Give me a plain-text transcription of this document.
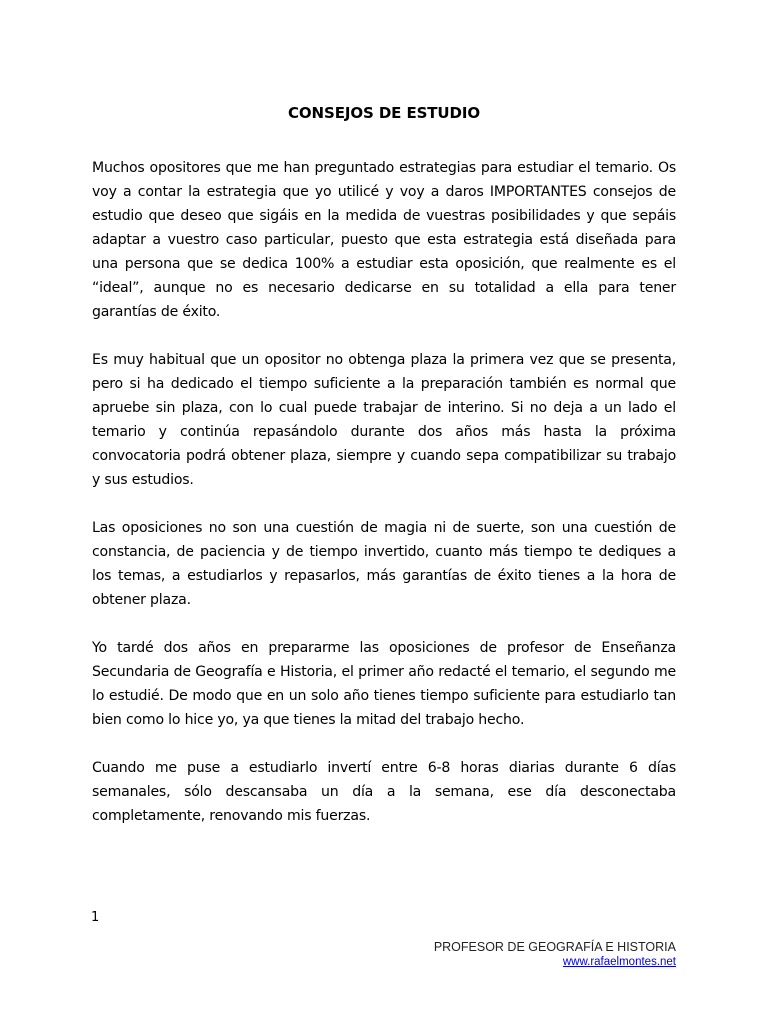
CONSEJOS DE ESTUDIO

Muchos opositores que me han preguntado estrategias para estudiar el temario. Os voy a contar la estrategia que yo utilicé y voy a daros IMPORTANTES consejos de estudio que deseo que sigáis en la medida de vuestras posibilidades y que sepáis adaptar a vuestro caso particular, puesto que esta estrategia está diseñada para una persona que se dedica 100% a estudiar esta oposición, que realmente es el “ideal”, aunque no es necesario dedicarse en su totalidad a ella para tener garantías de éxito.

Es muy habitual que un opositor no obtenga plaza la primera vez que se presenta, pero si ha dedicado el tiempo suficiente a la preparación también es normal que apruebe sin plaza, con lo cual puede trabajar de interino. Si no deja a un lado el temario y continúa repasándolo durante dos años más hasta la próxima convocatoria podrá obtener plaza, siempre y cuando sepa compatibilizar su trabajo y sus estudios.

Las oposiciones no son una cuestión de magia ni de suerte, son una cuestión de constancia, de paciencia y de tiempo invertido, cuanto más tiempo te dediques a los temas, a estudiarlos y repasarlos, más garantías de éxito tienes a la hora de obtener plaza.

Yo tardé dos años en prepararme las oposiciones de profesor de Enseñanza Secundaria de Geografía e Historia, el primer año redacté el temario, el segundo me lo estudié. De modo que en un solo año tienes tiempo suficiente para estudiarlo tan bien como lo hice yo, ya que tienes la mitad del trabajo hecho.

Cuando me puse a estudiarlo invertí entre 6-8 horas diarias durante 6 días semanales, sólo descansaba un día a la semana, ese día desconectaba completamente, renovando mis fuerzas.

1
PROFESOR DE GEOGRAFÍA E HISTORIA
www.rafaelmontes.net
